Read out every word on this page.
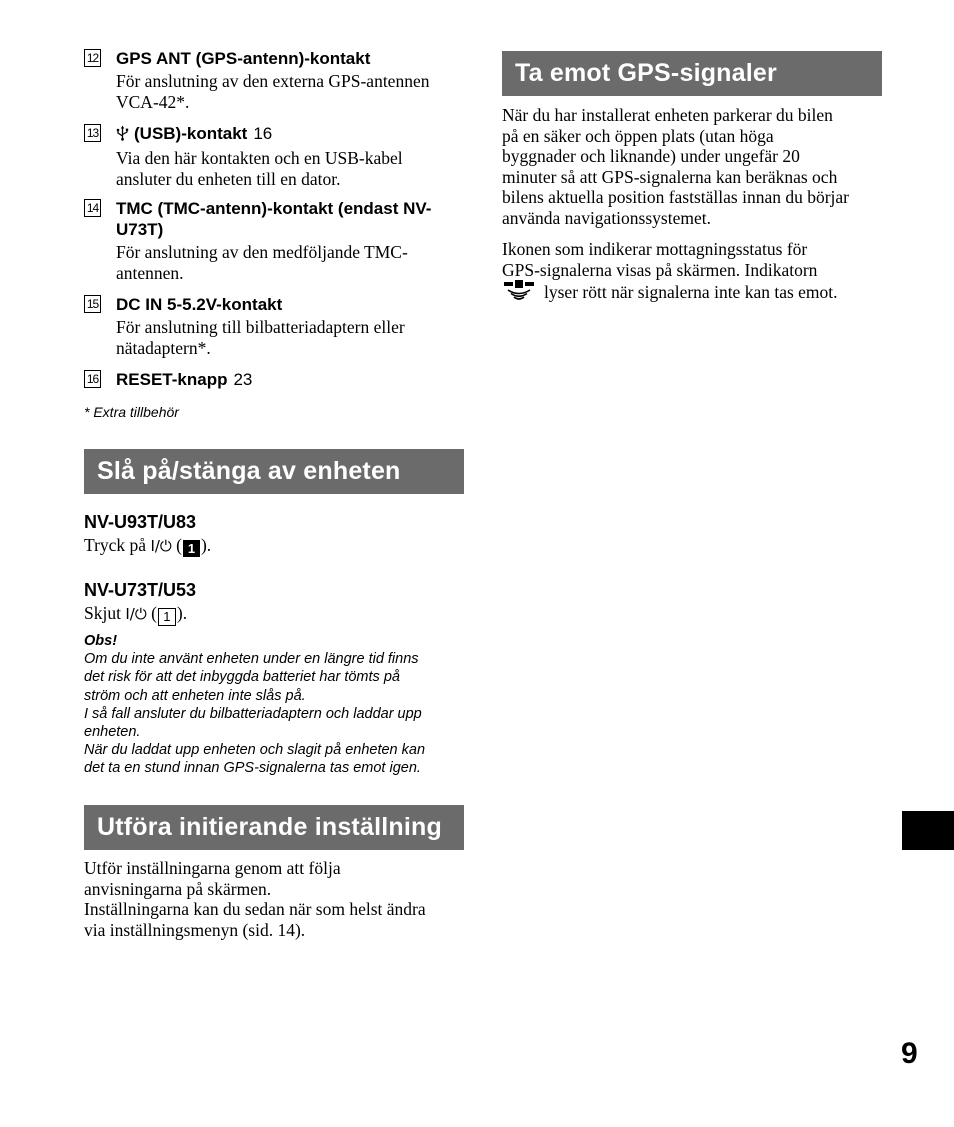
12 GPS ANT (GPS-antenn)-kontakt
För anslutning av den externa GPS-antennen VCA-42*.
13	(USB)-kontakt 16
Via den här kontakten och en USB-kabel ansluter du enheten till en dator.
14 TMC (TMC-antenn)-kontakt (endast NV-U73T)
För anslutning av den medföljande TMC-antennen.
15 DC IN 5-5.2V-kontakt
För anslutning till bilbatteriadaptern eller nätadaptern*.
16 RESET-knapp 23
* Extra tillbehör
Slå på/stänga av enheten
NV-U93T/U83
Tryck på I/⏻ ( 1 ).
NV-U73T/U53
Skjut I/⏻ ( 1 ).
Obs!
Om du inte använt enheten under en längre tid finns
det risk för att det inbyggda batteriet har tömts på
ström och att enheten inte slås på.
I så fall ansluter du bilbatteriadaptern och laddar upp
enheten.
När du laddat upp enheten och slagit på enheten kan
det ta en stund innan GPS-signalerna tas emot igen.
Utföra initierande inställning
Utför inställningarna genom att följa
anvisningarna på skärmen.
Inställningarna kan du sedan när som helst ändra
via inställningsmenyn (sid. 14).
Ta emot GPS-signaler
När du har installerat enheten parkerar du bilen
på en säker och öppen plats (utan höga
byggnader och liknande) under ungefär 20
minuter så att GPS-signalerna kan beräknas och
bilens aktuella position fastställas innan du börjar
använda navigationssystemet.
Ikonen som indikerar mottagningsstatus för
GPS-signalerna visas på skärmen. Indikatorn
lyser rött när signalerna inte kan tas emot.
9
